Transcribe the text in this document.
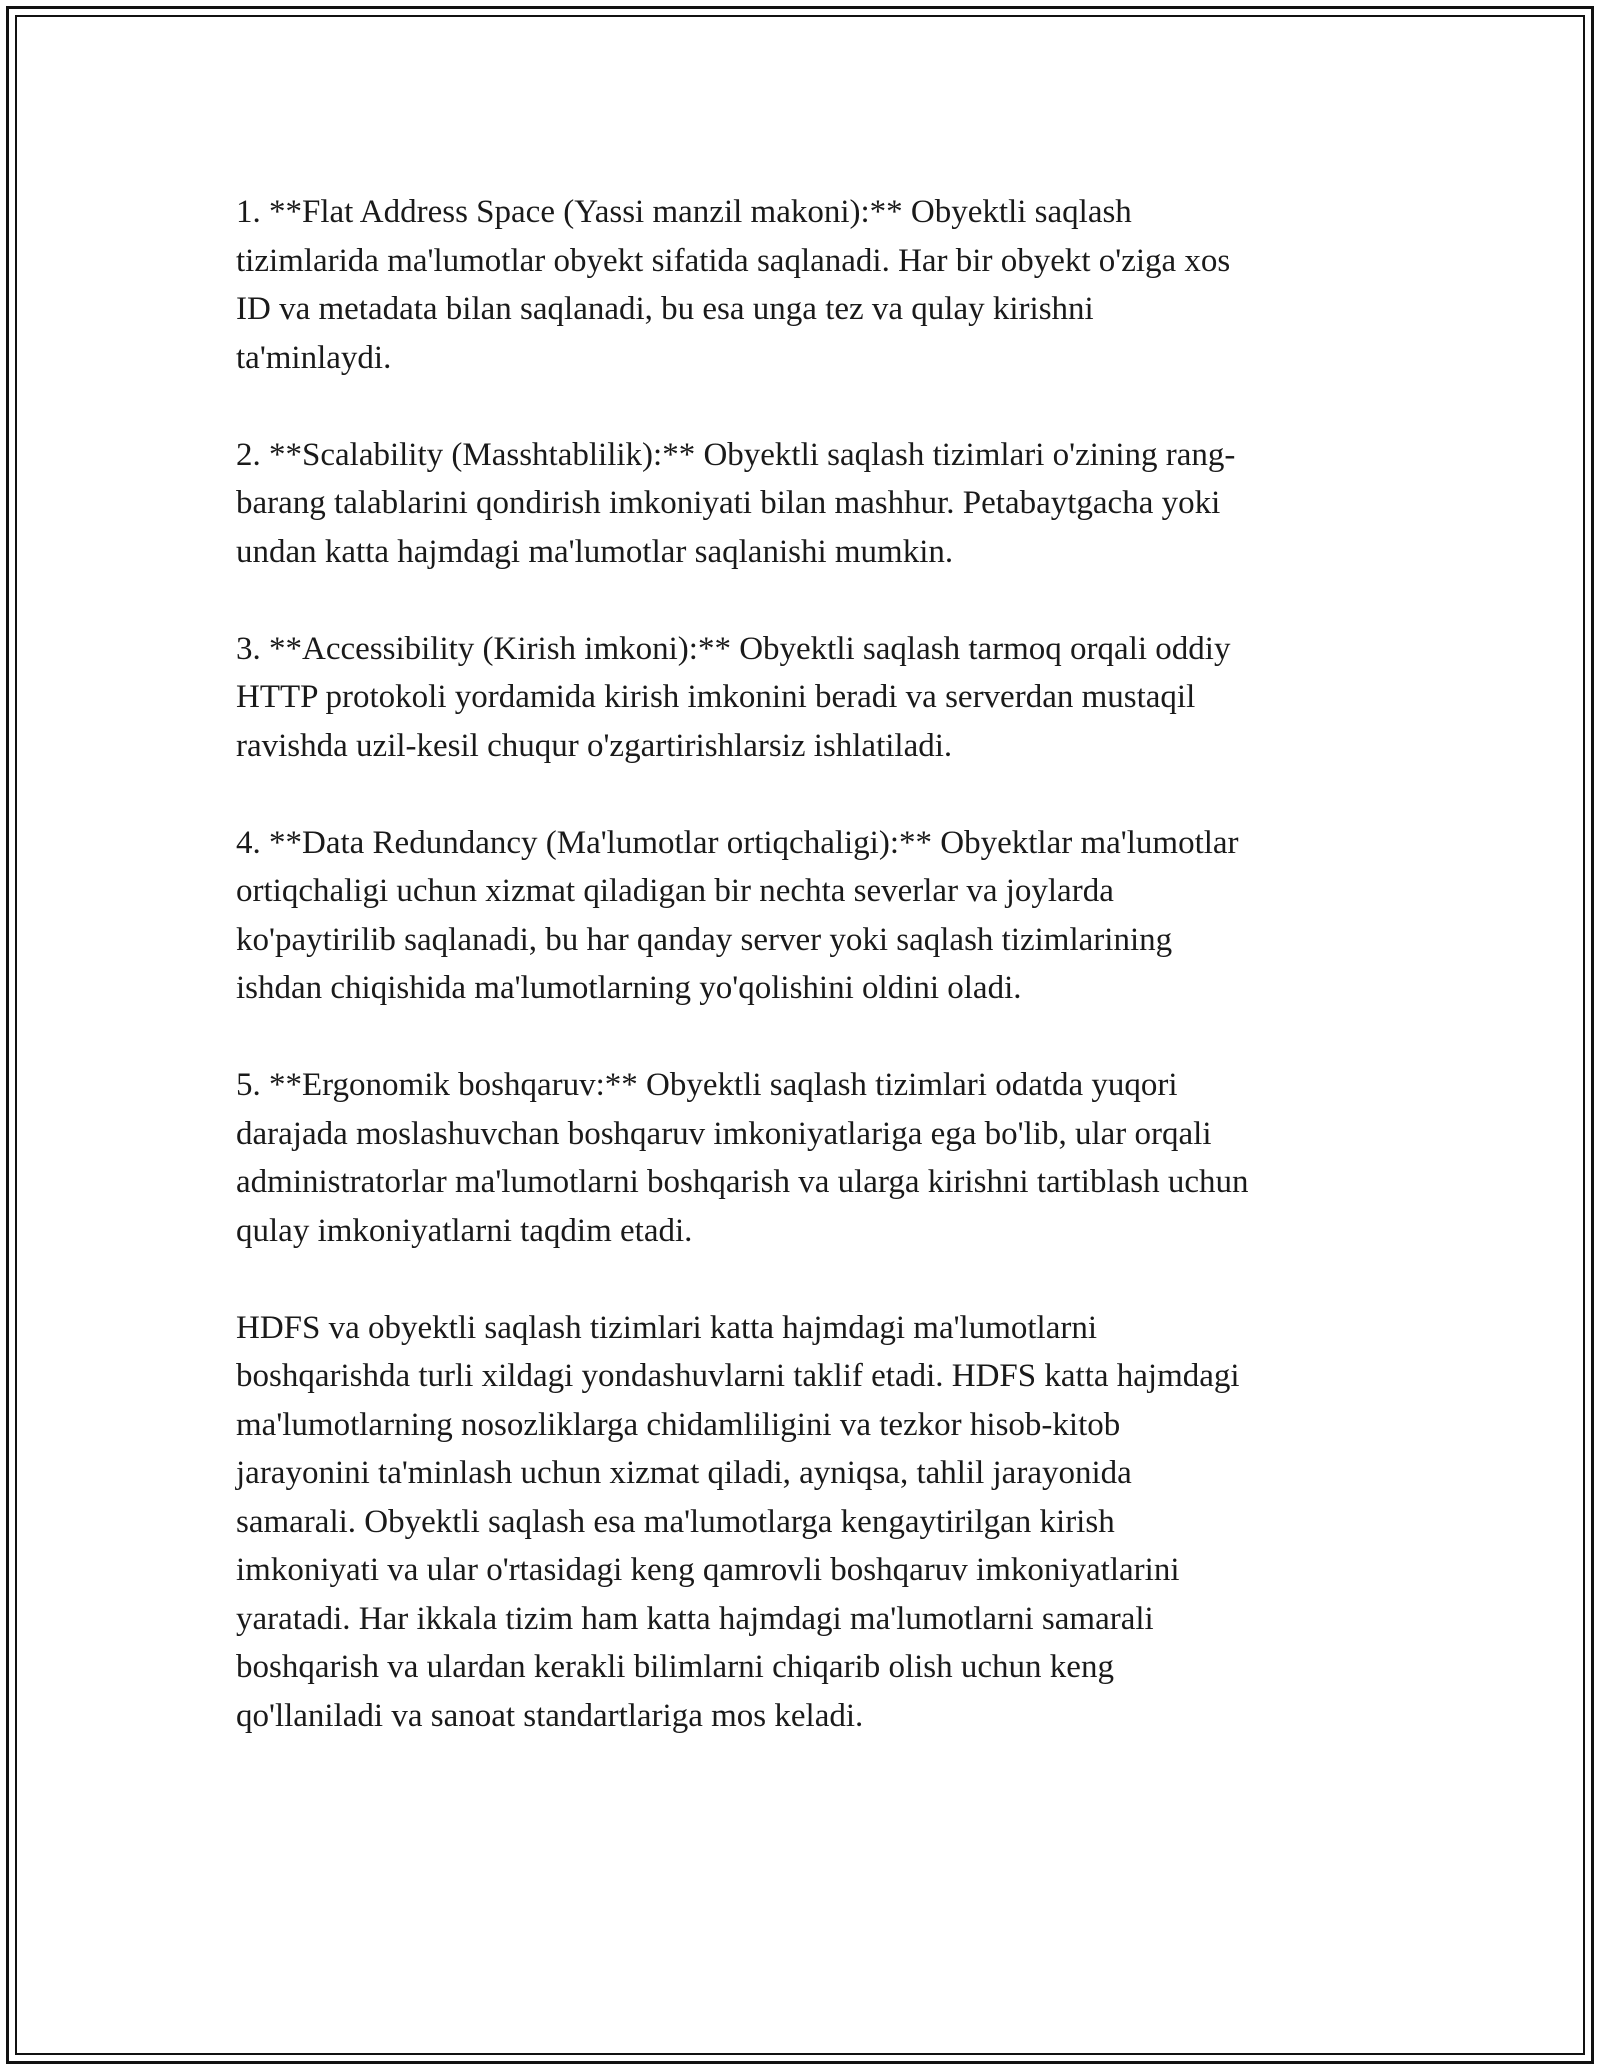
1. **Flat Address Space (Yassi manzil makoni):** Obyektli saqlash
tizimlarida ma'lumotlar obyekt sifatida saqlanadi. Har bir obyekt o'ziga xos
ID va metadata bilan saqlanadi, bu esa unga tez va qulay kirishni
ta'minlaydi.

2. **Scalability (Masshtablilik):** Obyektli saqlash tizimlari o'zining rang-
barang talablarini qondirish imkoniyati bilan mashhur. Petabaytgacha yoki
undan katta hajmdagi ma'lumotlar saqlanishi mumkin.

3. **Accessibility (Kirish imkoni):** Obyektli saqlash tarmoq orqali oddiy
HTTP protokoli yordamida kirish imkonini beradi va serverdan mustaqil
ravishda uzil-kesil chuqur o'zgartirishlarsiz ishlatiladi.

4. **Data Redundancy (Ma'lumotlar ortiqchaligi):** Obyektlar ma'lumotlar
ortiqchaligi uchun xizmat qiladigan bir nechta severlar va joylarda
ko'paytirilib saqlanadi, bu har qanday server yoki saqlash tizimlarining
ishdan chiqishida ma'lumotlarning yo'qolishini oldini oladi.

5. **Ergonomik boshqaruv:** Obyektli saqlash tizimlari odatda yuqori
darajada moslashuvchan boshqaruv imkoniyatlariga ega bo'lib, ular orqali
administratorlar ma'lumotlarni boshqarish va ularga kirishni tartiblash uchun
qulay imkoniyatlarni taqdim etadi.

HDFS va obyektli saqlash tizimlari katta hajmdagi ma'lumotlarni
boshqarishda turli xildagi yondashuvlarni taklif etadi. HDFS katta hajmdagi
ma'lumotlarning nosozliklarga chidamliligini va tezkor hisob-kitob
jarayonini ta'minlash uchun xizmat qiladi, ayniqsa, tahlil jarayonida
samarali. Obyektli saqlash esa ma'lumotlarga kengaytirilgan kirish
imkoniyati va ular o'rtasidagi keng qamrovli boshqaruv imkoniyatlarini
yaratadi. Har ikkala tizim ham katta hajmdagi ma'lumotlarni samarali
boshqarish va ulardan kerakli bilimlarni chiqarib olish uchun keng
qo'llaniladi va sanoat standartlariga mos keladi.
